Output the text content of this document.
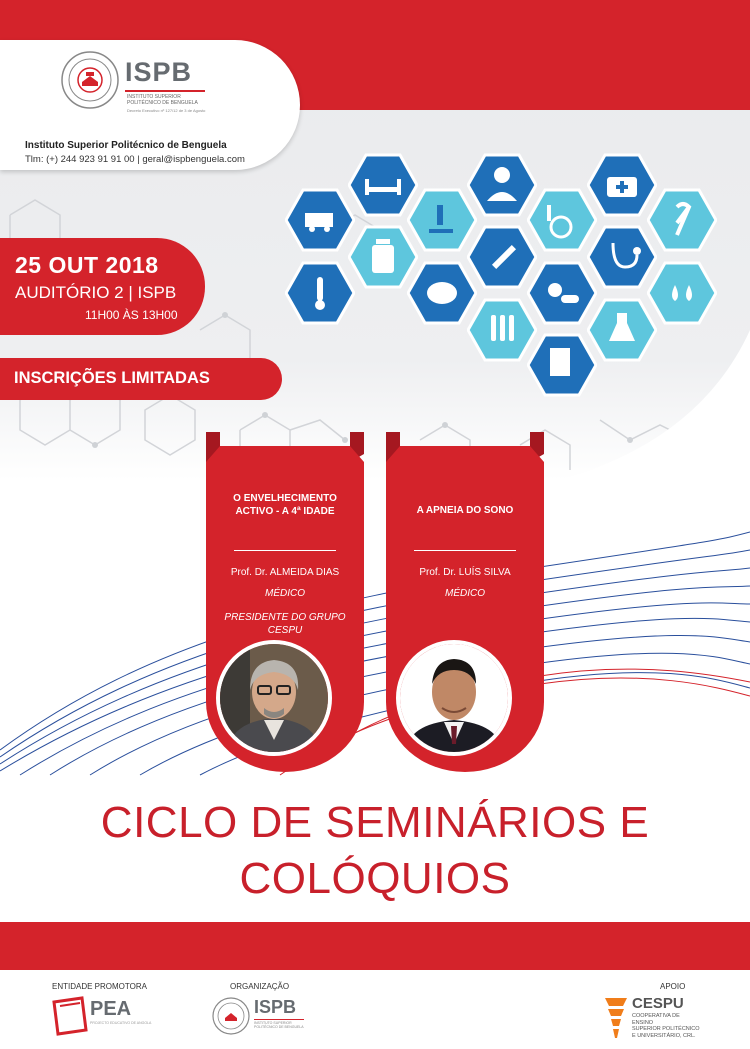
ISPB
INSTITUTO SUPERIOR POLITÉCNICO DE BENGUELA
Decreto Executivo nº 127/12 de 3 de Agosto
Instituto Superior Politécnico de Benguela
Tlm: (+) 244 923 91 91 00 | geral@ispbenguela.com
25 OUT 2018
AUDITÓRIO 2 | ISPB
11H00 ÀS 13H00
INSCRIÇÕES LIMITADAS
O ENVELHECIMENTO
ACTIVO - A 4ª IDADE
Prof. Dr. ALMEIDA DIAS
MÉDICO
PRESIDENTE DO GRUPO
CESPU
A APNEIA DO SONO
Prof. Dr. LUÍS SILVA
MÉDICO
CICLO DE SEMINÁRIOS E
COLÓQUIOS
ENTIDADE PROMOTORA
PEA
PROJECTO EDUCATIVO DE ANGOLA
ORGANIZAÇÃO
ISPB
INSTITUTO SUPERIOR POLITÉCNICO DE BENGUELA
APOIO
CESPU
COOPERATIVA DE ENSINO
SUPERIOR POLITÉCNICO
E UNIVERSITÁRIO, CRL.
